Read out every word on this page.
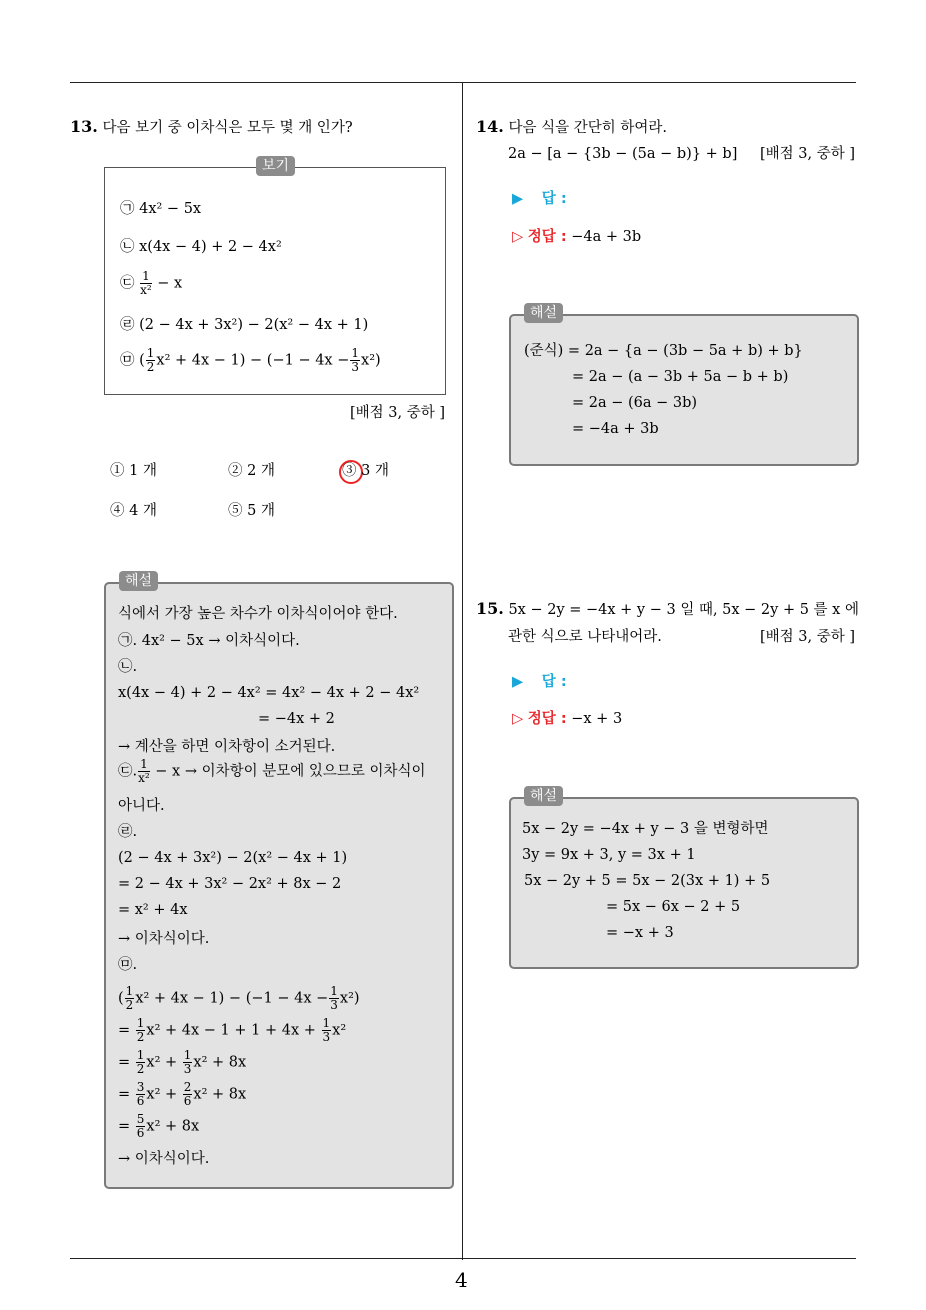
13. 다음 보기 중 이차식은 모두 몇 개 인가?
보기
㉠ 4x² − 5x
㉡ x(4x − 4) + 2 − 4x²
㉢ $\frac{1}{\text{x²}} - x$
㉣ (2 − 4x + 3x²) − 2(x² − 4x + 1)
㉤ ( $\frac{1}{2} x^2 + 4x - 1) - (-1 - 4x - \frac{1}{3} x^2)$
[배점 3, 중하 ]
① 1 개	② 2 개	③ 3 개
④ 4 개	⑤ 5 개
해설
식에서 가장 높은 차수가 이차식이어야 한다.
㉠. 4x² − 5x → 이차식이다.
㉡.
x(4x − 4) + 2 − 4x² = 4x² − 4x + 2 − 4x²
= −4x + 2
→ 계산을 하면 이차항이 소거된다.
㉢. $\frac{1}{\text{x²}} - x$ → 이차항이 분모에 있으므로 이차식이
아니다.
㉣.
(2 − 4x + 3x²) − 2(x² − 4x + 1)
= 2 − 4x + 3x² − 2x² + 8x − 2
= x² + 4x
→ 이차식이다.
㉤.
( $\frac{1}{2} x^2 + 4x - 1) - (-1 - 4x - \frac{1}{3} x^2)$
= $\frac{1}{2} x^2 + 4x - 1 + 1 + 4x + \frac{1}{3} x^2$
= $\frac{1}{2} x^2 + \frac{1}{3} x^2 + 8x$
= $\frac{3}{6} x^2 + \frac{2}{6} x^2 + 8x$
= $\frac{5}{6} x^2 + 8x$
→ 이차식이다.
14. 다음 식을 간단히 하여라.
2a − [a − {3b − (5a − b)} + b] [배점 3, 중하 ]
▶ 답 :
▷ 정답 : −4a + 3b
해설
(준식) = 2a − {a − (3b − 5a + b) + b}
= 2a − (a − 3b + 5a − b + b)
= 2a − (6a − 3b)
= −4a + 3b
15. 5x − 2y = −4x + y − 3 일 때, 5x − 2y + 5 를 x 에
관한 식으로 나타내어라.	[배점 3, 중하 ]
▶ 답 :
▷ 정답 : −x + 3
해설
5x − 2y = −4x + y − 3 을 변형하면
3y = 9x + 3, y = 3x + 1
5x − 2y + 5 = 5x − 2(3x + 1) + 5
= 5x − 6x − 2 + 5
= −x + 3
4
